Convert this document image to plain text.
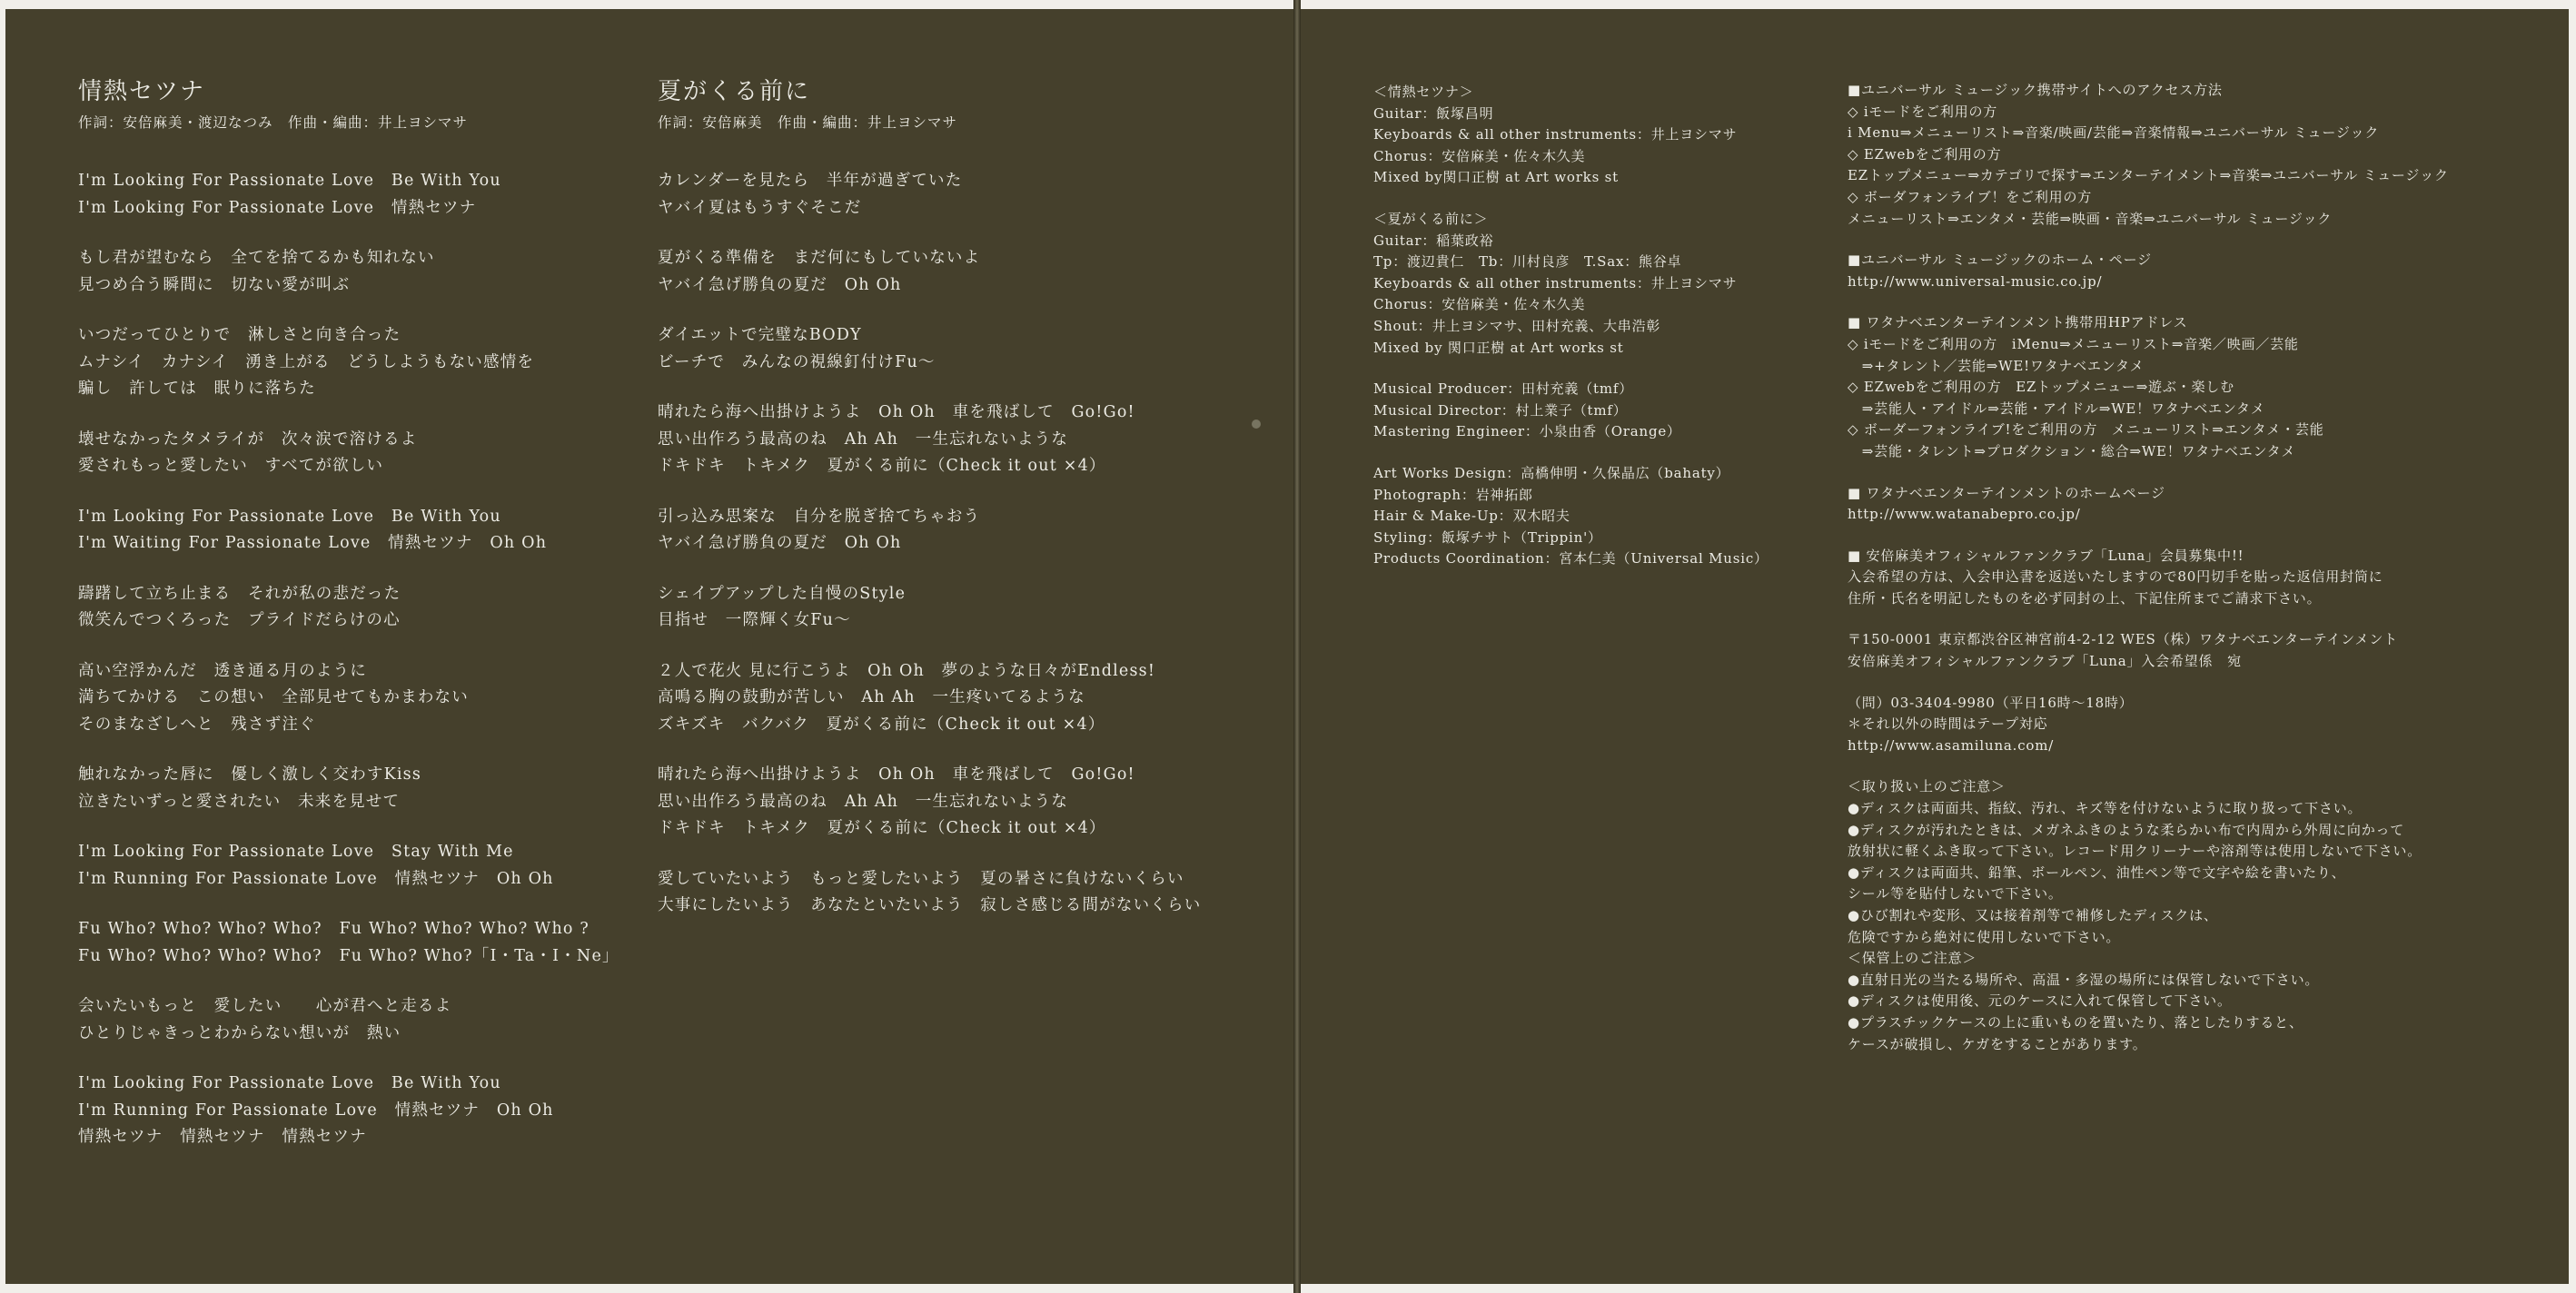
情熱セツナ
作詞：安倍麻美・渡辺なつみ　作曲・編曲：井上ヨシマサ
I'm Looking For Passionate Love　Be With You
I'm Looking For Passionate Love　情熱セツナ
もし君が望むなら　全てを捨てるかも知れない
見つめ合う瞬間に　切ない愛が叫ぶ
いつだってひとりで　淋しさと向き合った
ムナシイ　カナシイ　湧き上がる　どうしようもない感情を
騙し　許しては　眠りに落ちた
壊せなかったタメライが　次々涙で溶けるよ
愛されもっと愛したい　すべてが欲しい
I'm Looking For Passionate Love　Be With You
I'm Waiting For Passionate Love　情熱セツナ　Oh Oh
躊躇して立ち止まる　それが私の悲だった
微笑んでつくろった　プライドだらけの心
高い空浮かんだ　透き通る月のように
満ちてかける　この想い　全部見せてもかまわない
そのまなざしへと　残さず注ぐ
触れなかった唇に　優しく激しく交わすKiss
泣きたいずっと愛されたい　未来を見せて
I'm Looking For Passionate Love　Stay With Me
I'm Running For Passionate Love　情熱セツナ　Oh Oh
Fu Who? Who? Who? Who?　Fu Who? Who? Who? Who ?
Fu Who? Who? Who? Who?　Fu Who? Who?「I・Ta・I・Ne」
会いたいもっと　愛したい　　心が君へと走るよ
ひとりじゃきっとわからない想いが　熱い
I'm Looking For Passionate Love　Be With You
I'm Running For Passionate Love　情熱セツナ　Oh Oh
情熱セツナ　情熱セツナ　情熱セツナ
夏がくる前に
作詞：安倍麻美　作曲・編曲：井上ヨシマサ
カレンダーを見たら　半年が過ぎていた
ヤバイ夏はもうすぐそこだ
夏がくる準備を　まだ何にもしていないよ
ヤバイ急げ勝負の夏だ　Oh Oh
ダイエットで完璧なBODY
ビーチで　みんなの視線釘付けFu～
晴れたら海へ出掛けようよ　Oh Oh　車を飛ばして　Go!Go!
思い出作ろう最高のね　Ah Ah　一生忘れないような
ドキドキ　トキメク　夏がくる前に（Check it out ×4）
引っ込み思案な　自分を脱ぎ捨てちゃおう
ヤバイ急げ勝負の夏だ　Oh Oh
シェイプアップした自慢のStyle
目指せ　一際輝く女Fu～
２人で花火 見に行こうよ　Oh Oh　夢のような日々がEndless!
高鳴る胸の鼓動が苦しい　Ah Ah　一生疼いてるような
ズキズキ　バクバク　夏がくる前に（Check it out ×4）
晴れたら海へ出掛けようよ　Oh Oh　車を飛ばして　Go!Go!
思い出作ろう最高のね　Ah Ah　一生忘れないような
ドキドキ　トキメク　夏がくる前に（Check it out ×4）
愛していたいよう　もっと愛したいよう　夏の暑さに負けないくらい
大事にしたいよう　あなたといたいよう　寂しさ感じる間がないくらい
＜情熱セツナ＞
Guitar：飯塚昌明
Keyboards & all other instruments：井上ヨシマサ
Chorus：安倍麻美・佐々木久美
Mixed by関口正樹 at Art works st
＜夏がくる前に＞
Guitar：稲葉政裕
Tp：渡辺貴仁　Tb：川村良彦　T.Sax：熊谷卓
Keyboards & all other instruments：井上ヨシマサ
Chorus：安倍麻美・佐々木久美
Shout：井上ヨシマサ、田村充義、大串浩彰
Mixed by 関口正樹 at Art works st
Musical Producer：田村充義（tmf）
Musical Director：村上業子（tmf）
Mastering Engineer：小泉由香（Orange）
Art Works Design：高橋伸明・久保晶広（bahaty）
Photograph：岩神拓郎
Hair & Make-Up：双木昭夫
Styling：飯塚チサト（Trippin'）
Products Coordination：宮本仁美（Universal Music）
■ユニバーサル ミュージック携帯サイトへのアクセス方法
◇ iモードをご利用の方
i Menu⇒メニューリスト⇒音楽/映画/芸能⇒音楽情報⇒ユニバーサル ミュージック
◇ EZwebをご利用の方
EZトップメニュー⇒カテゴリで探す⇒エンターテイメント⇒音楽⇒ユニバーサル ミュージック
◇ ボーダフォンライブ！をご利用の方
メニューリスト⇒エンタメ・芸能⇒映画・音楽⇒ユニバーサル ミュージック
■ユニバーサル ミュージックのホーム・ページ
http://www.universal-music.co.jp/
■ ワタナベエンターテインメント携帯用HPアドレス
◇ iモードをご利用の方　iMenu⇒メニューリスト⇒音楽／映画／芸能
　⇒+タレント／芸能⇒WE!ワタナベエンタメ
◇ EZwebをご利用の方　EZトップメニュー⇒遊ぶ・楽しむ
　⇒芸能人・アイドル⇒芸能・アイドル⇒WE！ワタナベエンタメ
◇ ボーダーフォンライブ!をご利用の方　メニューリスト⇒エンタメ・芸能
　⇒芸能・タレント⇒プロダクション・総合⇒WE！ワタナベエンタメ
■ ワタナベエンターテインメントのホームページ
http://www.watanabepro.co.jp/
■ 安倍麻美オフィシャルファンクラブ「Luna」会員募集中!!
入会希望の方は、入会申込書を返送いたしますので80円切手を貼った返信用封筒に
住所・氏名を明記したものを必ず同封の上、下記住所までご請求下さい。
〒150-0001 東京都渋谷区神宮前4-2-12 WES（株）ワタナベエンターテインメント
安倍麻美オフィシャルファンクラブ「Luna」入会希望係　宛
（問）03-3404-9980（平日16時～18時）
＊それ以外の時間はテープ対応
http://www.asamiluna.com/
＜取り扱い上のご注意＞
●ディスクは両面共、指紋、汚れ、キズ等を付けないように取り扱って下さい。
●ディスクが汚れたときは、メガネふきのような柔らかい布で内周から外周に向かって
放射状に軽くふき取って下さい。レコード用クリーナーや溶剤等は使用しないで下さい。
●ディスクは両面共、鉛筆、ボールペン、油性ペン等で文字や絵を書いたり、
シール等を貼付しないで下さい。
●ひび割れや変形、又は接着剤等で補修したディスクは、
危険ですから絶対に使用しないで下さい。
＜保管上のご注意＞
●直射日光の当たる場所や、高温・多湿の場所には保管しないで下さい。
●ディスクは使用後、元のケースに入れて保管して下さい。
●プラスチックケースの上に重いものを置いたり、落としたりすると、
ケースが破損し、ケガをすることがあります。
